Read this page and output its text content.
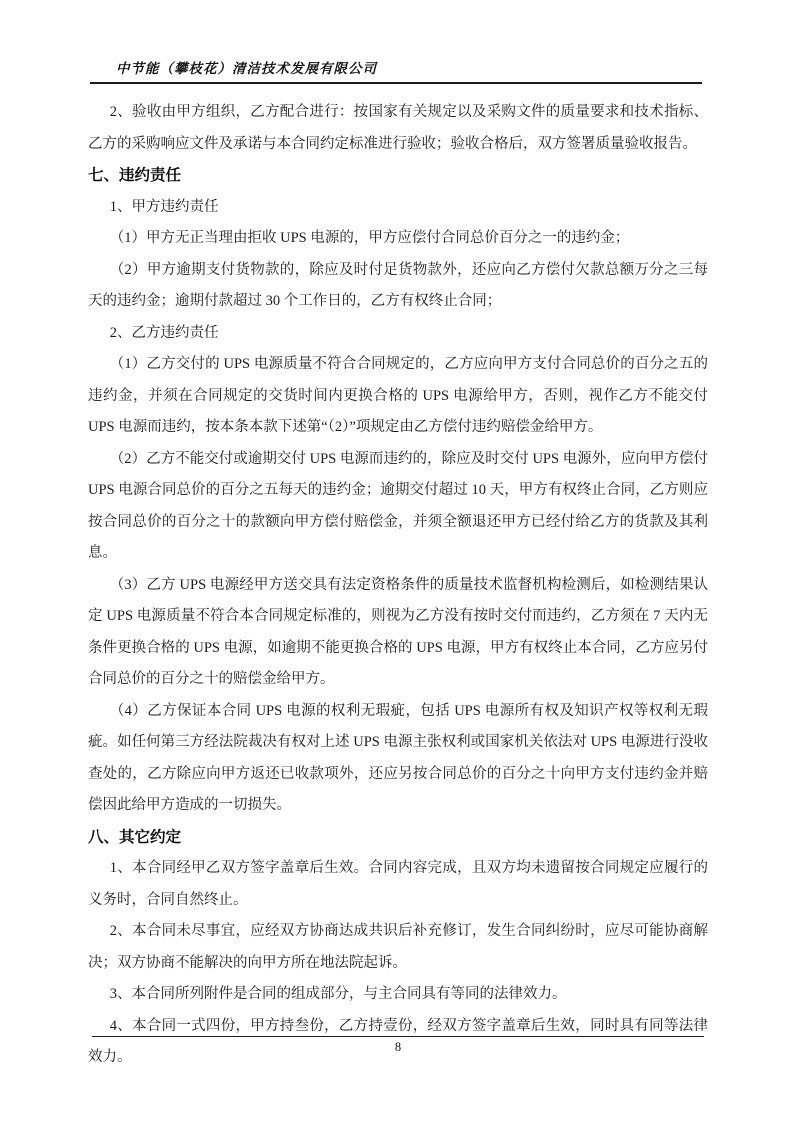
中节能（攀枝花）清洁技术发展有限公司

2、验收由甲方组织，乙方配合进行：按国家有关规定以及采购文件的质量要求和技术指标、乙方的采购响应文件及承诺与本合同约定标准进行验收；验收合格后，双方签署质量验收报告。

七、违约责任

1、甲方违约责任

（1）甲方无正当理由拒收 UPS 电源的，甲方应偿付合同总价百分之一的违约金；

（2）甲方逾期支付货物款的，除应及时付足货物款外，还应向乙方偿付欠款总额万分之三每天的违约金；逾期付款超过 30 个工作日的，乙方有权终止合同；

2、乙方违约责任

（1）乙方交付的 UPS 电源质量不符合合同规定的，乙方应向甲方支付合同总价的百分之五的违约金，并须在合同规定的交货时间内更换合格的 UPS 电源给甲方，否则，视作乙方不能交付 UPS 电源而违约，按本条本款下述第“（2）”项规定由乙方偿付违约赔偿金给甲方。

（2）乙方不能交付或逾期交付 UPS 电源而违约的，除应及时交付 UPS 电源外，应向甲方偿付 UPS 电源合同总价的百分之五每天的违约金；逾期交付超过 10 天，甲方有权终止合同，乙方则应按合同总价的百分之十的款额向甲方偿付赔偿金，并须全额退还甲方已经付给乙方的货款及其利息。

（3）乙方 UPS 电源经甲方送交具有法定资格条件的质量技术监督机构检测后，如检测结果认定 UPS 电源质量不符合本合同规定标准的，则视为乙方没有按时交付而违约，乙方须在 7 天内无条件更换合格的 UPS 电源，如逾期不能更换合格的 UPS 电源，甲方有权终止本合同，乙方应另付合同总价的百分之十的赔偿金给甲方。

（4）乙方保证本合同 UPS 电源的权利无瑕疵，包括 UPS 电源所有权及知识产权等权利无瑕疵。如任何第三方经法院裁决有权对上述 UPS 电源主张权利或国家机关依法对 UPS 电源进行没收查处的，乙方除应向甲方返还已收款项外，还应另按合同总价的百分之十向甲方支付违约金并赔偿因此给甲方造成的一切损失。

八、其它约定

1、本合同经甲乙双方签字盖章后生效。合同内容完成，且双方均未遗留按合同规定应履行的义务时，合同自然终止。

2、本合同未尽事宜，应经双方协商达成共识后补充修订，发生合同纠纷时，应尽可能协商解决；双方协商不能解决的向甲方所在地法院起诉。

3、本合同所列附件是合同的组成部分，与主合同具有等同的法律效力。

4、本合同一式四份，甲方持叁份，乙方持壹份，经双方签字盖章后生效，同时具有同等法律效力。

8
